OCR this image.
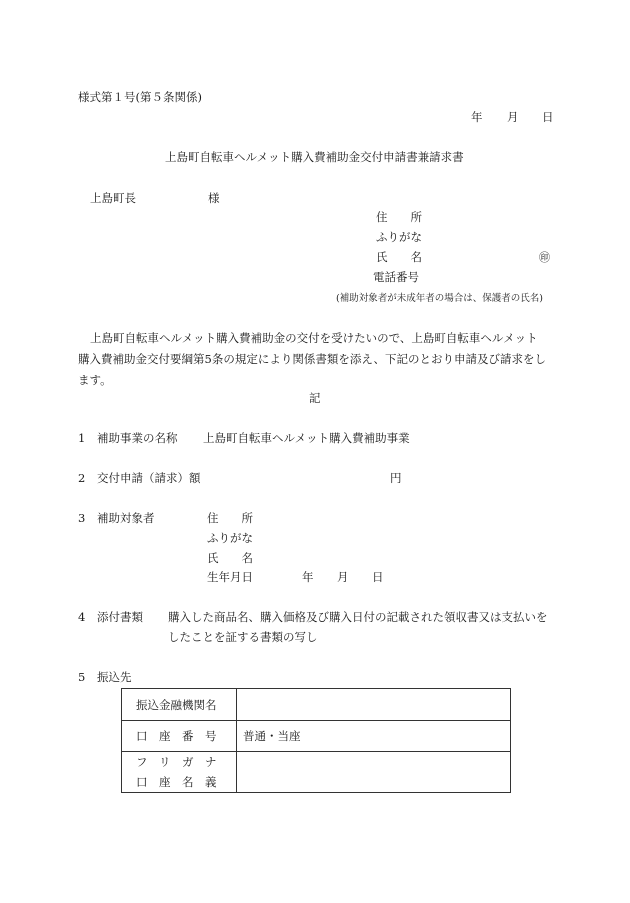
様式第１号(第５条関係)
年 月 日
上島町自転車ヘルメット購入費補助金交付申請書兼請求書
上島町長	様
住　　所
ふりがな
氏　　名	㊞
電話番号
(補助対象者が未成年者の場合は、保護者の氏名)
上島町自転車ヘルメット購入費補助金の交付を受けたいので、上島町自転車ヘルメット
購入費補助金交付要綱第5条の規定により関係書類を添え、下記のとおり申請及び請求をし
ます。
記
1 補助事業の名称 上島町自転車ヘルメット購入費補助事業
2 交付申請（請求）額	円
3 補助対象者	住　　所
ふりがな
氏　　名
生年月日	年 月 日
4 添付書類 購入した商品名、購入価格及び購入日付の記載された領収書又は支払いを
したことを証する書類の写し
5 振込先
振込金融機関名	
口　座　番　号	普通・当座

フ　リ　ガ　ナ
口　座　名　義	
